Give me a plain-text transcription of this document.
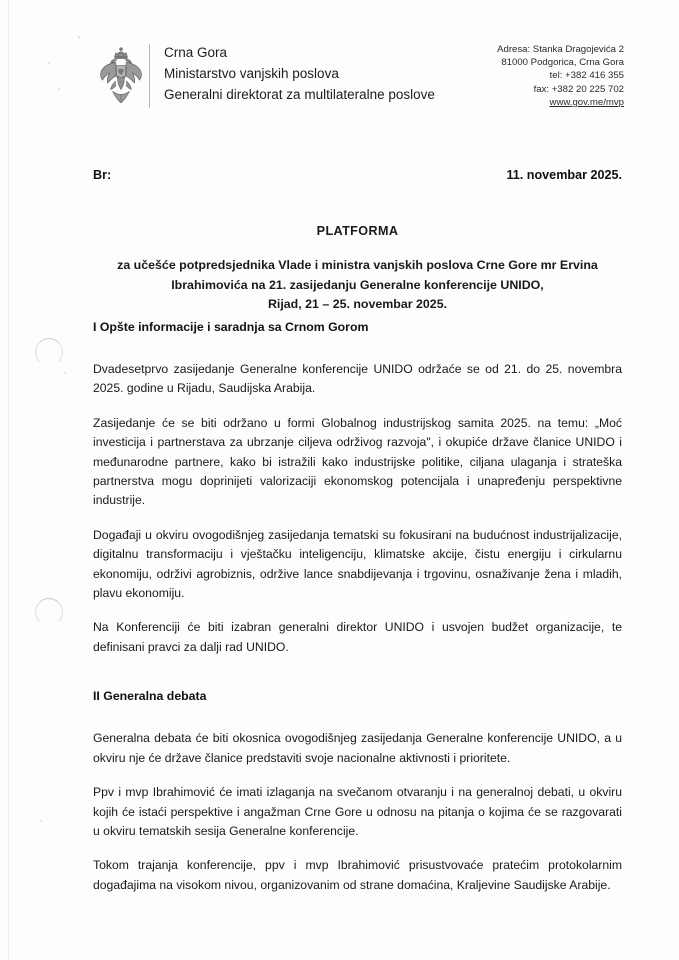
Crna Gora
Ministarstvo vanjskih poslova
Generalni direktorat za multilateralne poslove
Adresa: Stanka Dragojevića 2
81000 Podgorica, Crna Gora
tel: +382 416 355
fax: +382 20 225 702
www.gov.me/mvp
Br:	11. novembar 2025.
PLATFORMA
za učešće potpredsjednika Vlade i ministra vanjskih poslova Crne Gore mr Ervina
Ibrahimovića na 21. zasijedanju Generalne konferencije UNIDO,
Rijad, 21 – 25. novembar 2025.
I Opšte informacije i saradnja sa Crnom Gorom

Dvadesetprvo zasijedanje Generalne konferencije UNIDO održaće se od 21. do 25. novembra 2025. godine u Rijadu, Saudijska Arabija.

Zasijedanje će se biti održano u formi Globalnog industrijskog samita 2025. na temu: „Moć investicija i partnerstava za ubrzanje ciljeva održivog razvoja", i okupiće države članice UNIDO i međunarodne partnere, kako bi istražili kako industrijske politike, ciljana ulaganja i strateška partnerstva mogu doprinijeti valorizaciji ekonomskog potencijala i unapređenju perspektivne industrije.

Događaji u okviru ovogodišnjeg zasijedanja tematski su fokusirani na budućnost industrijalizacije, digitalnu transformaciju i vještačku inteligenciju, klimatske akcije, čistu energiju i cirkularnu ekonomiju, održivi agrobiznis, održive lance snabdijevanja i trgovinu, osnaživanje žena i mladih, plavu ekonomiju.

Na Konferenciji će biti izabran generalni direktor UNIDO i usvojen budžet organizacije, te definisani pravci za dalji rad UNIDO.

II Generalna debata

Generalna debata će biti okosnica ovogodišnjeg zasijedanja Generalne konferencije UNIDO, a u okviru nje će države članice predstaviti svoje nacionalne aktivnosti i prioritete.

Ppv i mvp Ibrahimović će imati izlaganja na svečanom otvaranju i na generalnoj debati, u okviru kojih će istaći perspektive i angažman Crne Gore u odnosu na pitanja o kojima će se razgovarati u okviru tematskih sesija Generalne konferencije.

Tokom trajanja konferencije, ppv i mvp Ibrahimović prisustvovaće pratećim protokolarnim događajima na visokom nivou, organizovanim od strane domaćina, Kraljevine Saudijske Arabije.
